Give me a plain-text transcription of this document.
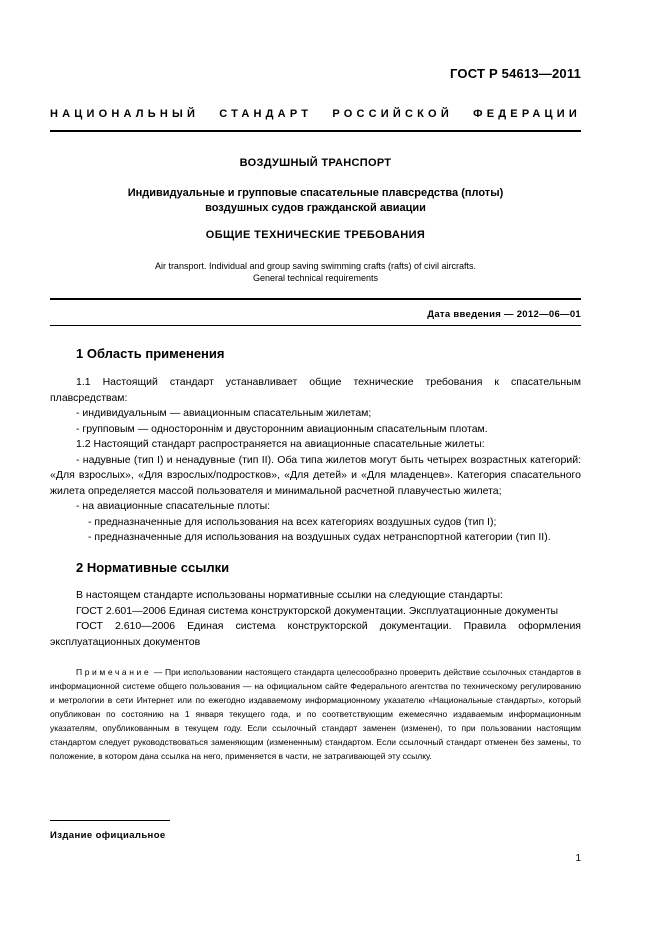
ГОСТ Р 54613—2011
НАЦИОНАЛЬНЫЙ СТАНДАРТ РОССИЙСКОЙ ФЕДЕРАЦИИ
ВОЗДУШНЫЙ ТРАНСПОРТ
Индивидуальные и групповые спасательные плавсредства (плоты)
воздушных судов гражданской авиации
ОБЩИЕ ТЕХНИЧЕСКИЕ ТРЕБОВАНИЯ
Air transport. Individual and group saving swimming crafts (rafts) of civil aircrafts.
General technical requirements
Дата введения — 2012—06—01
1 Область применения

1.1 Настоящий стандарт устанавливает общие технические требования к спасательным плавсредствам:

- индивидуальным — авиационным спасательным жилетам;

- групповым — одностороннім и двусторонним авиационным спасательным плотам.

1.2 Настоящий стандарт распространяется на авиационные спасательные жилеты:

- надувные (тип I) и ненадувные (тип II). Оба типа жилетов могут быть четырех возрастных категорий: «Для взрослых», «Для взрослых/подростков», «Для детей» и «Для младенцев». Категория спасательного жилета определяется массой пользователя и минимальной расчетной плавучестью жилета;

- на авиационные спасательные плоты:

- предназначенные для использования на всех категориях воздушных судов (тип I);

- предназначенные для использования на воздушных судах нетранспортной категории (тип II).

2 Нормативные ссылки

В настоящем стандарте использованы нормативные ссылки на следующие стандарты:

ГОСТ 2.601—2006 Единая система конструкторской документации. Эксплуатационные документы

ГОСТ 2.610—2006 Единая система конструкторской документации. Правила оформления эксплуатационных документов

Примечание — При использовании настоящего стандарта целесообразно проверить действие ссылочных стандартов в информационной системе общего пользования — на официальном сайте Федерального агентства по техническому регулированию и метрологии в сети Интернет или по ежегодно издаваемому информационному указателю «Национальные стандарты», который опубликован по состоянию на 1 января текущего года, и по соответствующим ежемесячно издаваемым информационным указателям, опубликованным в текущем году. Если ссылочный стандарт заменен (изменен), то при пользовании настоящим стандартом следует руководствоваться заменяющим (измененным) стандартом. Если ссылочный стандарт отменен без замены, то положение, в котором дана ссылка на него, применяется в части, не затрагивающей эту ссылку.
Издание официальное
1
